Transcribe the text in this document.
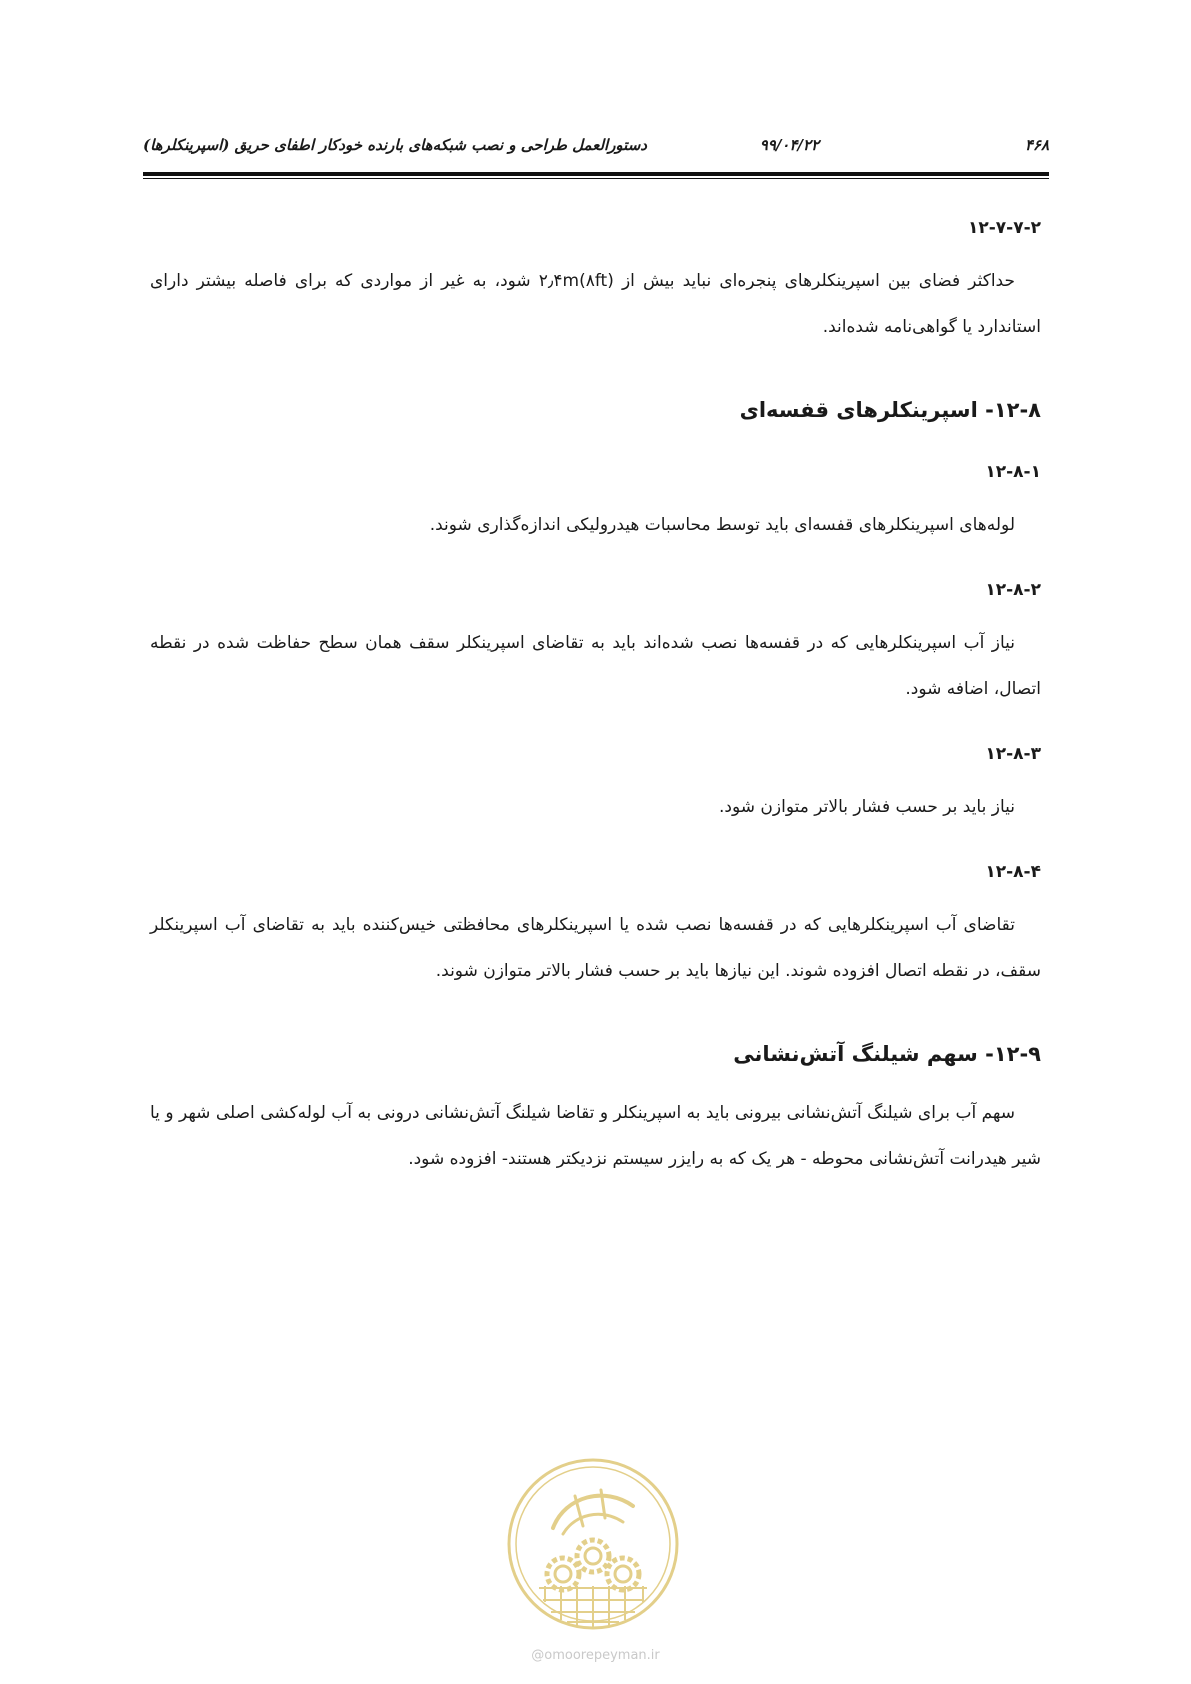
۴۶۸
۹۹/۰۴/۲۲
دستورالعمل طراحی و نصب شبکه‌های بارنده خودکار اطفای حریق (اسپرینکلرها)

۱۲-۷-۷-۲

حداکثر فضای بین اسپرینکلرهای پنجره‌ای نباید بیش از ۲٫۴m(۸ft) شود، به غیر از مواردی که برای فاصله بیشتر دارای استاندارد یا گواهی‌نامه شده‌اند.

۱۲-۸- اسپرینکلرهای قفسه‌ای

۱۲-۸-۱

لوله‌های اسپرینکلرهای قفسه‌ای باید توسط محاسبات هیدرولیکی اندازه‌گذاری شوند.

۱۲-۸-۲

نیاز آب اسپرینکلرهایی که در قفسه‌ها نصب شده‌اند باید به تقاضای اسپرینکلر سقف همان سطح حفاظت شده در نقطه اتصال، اضافه شود.

۱۲-۸-۳

نیاز باید بر حسب فشار بالاتر متوازن شود.

۱۲-۸-۴

تقاضای آب اسپرینکلرهایی که در قفسه‌ها نصب شده یا اسپرینکلرهای محافظتی خیس‌کننده باید به تقاضای آب اسپرینکلر سقف، در نقطه اتصال افزوده شوند. این نیازها باید بر حسب فشار بالاتر متوازن شوند.

۱۲-۹- سهم شیلنگ آتش‌نشانی

سهم آب برای شیلنگ آتش‌نشانی بیرونی باید به اسپرینکلر و تقاضا شیلنگ آتش‌نشانی درونی به آب لوله‌کشی اصلی شهر و یا شیر هیدرانت آتش‌نشانی محوطه - هر یک که به رایزر سیستم نزدیکتر هستند- افزوده شود.

@omoorepeyman.ir
